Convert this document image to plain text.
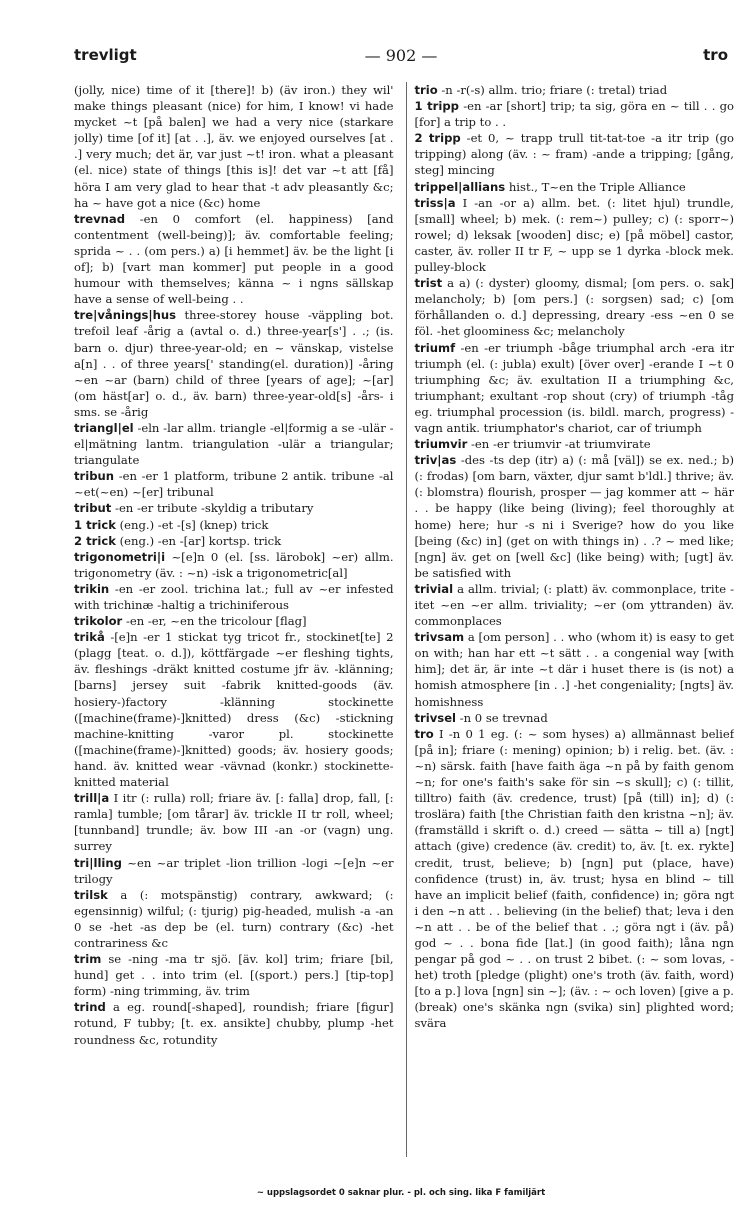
trevligt	— 902 —	tro

(jolly, nice) time of it [there]! b) (äv iron.) they wil' make things pleasant (nice) for him, I know! vi hade mycket ~t [på balen] we had a very nice (starkare jolly) time [of it] [at . .], äv. we enjoyed ourselves [at . .] very much; det är, var just ~t! iron. what a pleasant (el. nice) state of things [this is]! det var ~t att [få] höra I am very glad to hear that -t adv pleasantly &c; ha ~ have got a nice (&c) home

trevnad -en 0 comfort (el. happiness) [and contentment (well-being)]; äv. comfortable feeling; sprida ~ . . (om pers.) a) [i hemmet] äv. be the light [i of]; b) [vart man kommer] put people in a good humour with themselves; känna ~ i ngns sällskap have a sense of well-being . .

tre|vånings|hus three-storey house -väppling bot. trefoil leaf -årig a (avtal o. d.) three-year[s'] . .; (is. barn o. djur) three-year-old; en ~ vänskap, vistelse a[n] . . of three years[' standing(el. duration)] -åring ~en ~ar (barn) child of three [years of age]; ~[ar] (om häst[ar] o. d., äv. barn) three-year-old[s] -års- i sms. se -årig

triangl|el -eln -lar allm. triangle -el|formig a se -ulär -el|mätning lantm. triangulation -ulär a triangular; triangulate

tribun -en -er 1 platform, tribune 2 antik. tribune -al ~et(~en) ~[er] tribunal

tribut -en -er tribute -skyldig a tributary

1 trick (eng.) -et -[s] (knep) trick

2 trick (eng.) -en -[ar] kortsp. trick

trigonometri|i ~[e]n 0 (el. [ss. lärobok] ~er) allm. trigonometry (äv. : ~n) -isk a trigonometric[al]

trikin -en -er zool. trichina lat.; full av ~er infested with trichinæ -haltig a trichiniferous

trikolor -en -er, ~en the tricolour [flag]

trikå -[e]n -er 1 stickat tyg tricot fr., stockinet[te] 2 (plagg [teat. o. d.]), köttfärgade ~er fleshing tights, äv. fleshings -dräkt knitted costume jfr äv. -klänning; [barns] jersey suit -fabrik knitted-goods (äv. hosiery-)factory -klänning stockinette ([machine(frame)-]knitted) dress (&c) -stickning machine-knitting -varor pl. stockinette ([machine(frame)-]knitted) goods; äv. hosiery goods; hand. äv. knitted wear -vävnad (konkr.) stockinette-knitted material

trill|a I itr (: rulla) roll; friare äv. [: falla] drop, fall, [: ramla] tumble; [om tårar] äv. trickle II tr roll, wheel; [tunnband] trundle; äv. bow III -an -or (vagn) ung. surrey

tri|lling ~en ~ar triplet -lion trillion -logi ~[e]n ~er trilogy

trilsk a (: motspänstig) contrary, awkward; (: egensinnig) wilful; (: tjurig) pig-headed, mulish -a -an 0 se -het -as dep be (el. turn) contrary (&c) -het contrariness &c

trim se -ning -ma tr sjö. [äv. kol] trim; friare [bil, hund] get . . into trim (el. [(sport.) pers.] [tip-top] form) -ning trimming, äv. trim

trind a eg. round[-shaped], roundish; friare [figur] rotund, F tubby; [t. ex. ansikte] chubby, plump -het roundness &c, rotundity

trio -n -r(-s) allm. trio; friare (: tretal) triad

1 tripp -en -ar [short] trip; ta sig, göra en ~ till . . go [for] a trip to . .

2 tripp -et 0, ~ trapp trull tit-tat-toe -a itr trip (go tripping) along (äv. : ~ fram) -ande a tripping; [gång, steg] mincing

trippel|allians hist., T~en the Triple Alliance

triss|a I -an -or a) allm. bet. (: litet hjul) trundle, [small] wheel; b) mek. (: rem~) pulley; c) (: sporr~) rowel; d) leksak [wooden] disc; e) [på möbel] castor, caster, äv. roller II tr F, ~ upp se 1 dyrka -block mek. pulley-block

trist a a) (: dyster) gloomy, dismal; [om pers. o. sak] melancholy; b) [om pers.] (: sorgsen) sad; c) [om förhållanden o. d.] depressing, dreary -ess ~en 0 se föl. -het gloominess &c; melancholy

triumf -en -er triumph -båge triumphal arch -era itr triumph (el. (: jubla) exult) [över over] -erande I ~t 0 triumphing &c; äv. exultation II a triumphing &c, triumphant; exultant -rop shout (cry) of triumph -tåg eg. triumphal procession (is. bildl. march, progress) -vagn antik. triumphator's chariot, car of triumph

triumvir -en -er triumvir -at triumvirate

triv|as -des -ts dep (itr) a) (: må [väl]) se ex. ned.; b) (: frodas) [om barn, växter, djur samt b'ldl.] thrive; äv. (: blomstra) flourish, prosper — jag kommer att ~ här . . be happy (like being (living); feel thoroughly at home) here; hur -s ni i Sverige? how do you like [being (&c) in] (get on with things in) . .? ~ med like; [ngn] äv. get on [well &c] (like being) with; [ugt] äv. be satisfied with

trivial a allm. trivial; (: platt) äv. commonplace, trite -itet ~en ~er allm. triviality; ~er (om yttranden) äv. commonplaces

trivsam a [om person] . . who (whom it) is easy to get on with; han har ett ~t sätt . . a congenial way [with him]; det är, är inte ~t där i huset there is (is not) a homish atmosphere [in . .] -het congeniality; [ngts] äv. homishness

trivsel -n 0 se trevnad

tro I -n 0 1 eg. (: ~ som hyses) a) allmännast belief [på in]; friare (: mening) opinion; b) i relig. bet. (äv. : ~n) särsk. faith [have faith äga ~n på by faith genom ~n; for one's faith's sake för sin ~s skull]; c) (: tillit, tilltro) faith (äv. credence, trust) [på (till) in]; d) (: troslära) faith [the Christian faith den kristna ~n]; äv. (framställd i skrift o. d.) creed — sätta ~ till a) [ngt] attach (give) credence (äv. credit) to, äv. [t. ex. rykte] credit, trust, believe; b) [ngn] put (place, have) confidence (trust) in, äv. trust; hysa en blind ~ till have an implicit belief (faith, confidence) in; göra ngt i den ~n att . . believing (in the belief) that; leva i den ~n att . . be of the belief that . .; göra ngt i (äv. på) god ~ . . bona fide [lat.] (in good faith); låna ngn pengar på god ~ . . on trust 2 bibet. (: ~ som lovas, -het) troth [pledge (plight) one's troth (äv. faith, word) [to a p.] lova [ngn] sin ~]; (äv. : ~ och loven) [give a p. (break) one's skänka ngn (svika) sin] plighted word; svära

~ uppslagsordet 0 saknar plur. - pl. och sing. lika F familjärt
